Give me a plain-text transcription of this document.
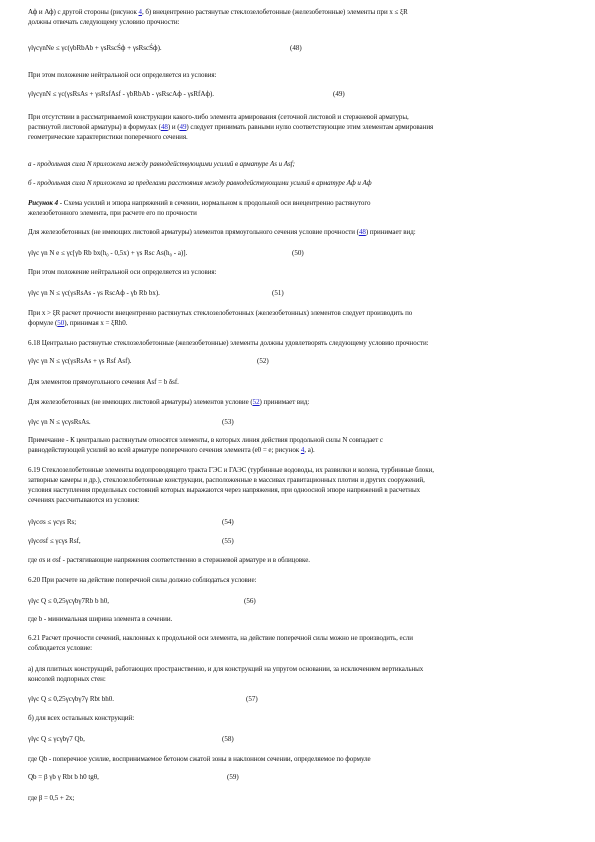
Аф и Аф) с другой стороны (рисунок 4, б) внецентренно растянутые стеклозелобетонные (железобетонные) элементы при х ≤ ξR
должны отвечать следующему условию прочности:
γlγcγnNe ≤ γc(γbRbAb + γsRscŚф + γsRsсŚф).	(48)
При этом положение нейтральной оси определяется из условия:
γlγcγnN ≤ γc(γsRsAs + γsRsfAsf - γbRbAb - γsRscAф - γsRfAф).	(49)
При отсутствии в рассматриваемой конструкции какого-либо элемента армирования (сеточной листовой и стержневой арматуры,
растянутой листовой арматуры) в формулах (48) и (49) следует принимать равными нулю соответствующие этим элементам армирования
геометрические характеристики поперечного сечения.
а - продольная сила N приложена между равнодействующими усилий в арматуре Аs и Аsf;
б - продольная сила N приложена за пределами расстояния между равнодействующими усилий в арматуре Аф и Аф
Рисунок 4 - Схема усилий и эпюра напряжений в сечении, нормальном к продольной оси внецентренно растянутого
железобетонного элемента, при расчете его по прочности
Для железобетонных (не имеющих листовой арматуры) элементов прямоугольного сечения условие прочности (48) принимает вид:
γlγc γn N e ≤ γc[γb Rb bx(h₀ - 0,5x) + γs Rsc As(h₀ - a)].	(50)
При этом положение нейтральной оси определяется из условия:
γlγc γn N ≤ γc(γsRsAs - γs RscAф - γb Rb bx).	(51)
При x > ξR расчет прочности внецентренно растянутых стеклозелобетонных (железобетонных) элементов следует производить по
формуле (50), принимая x = ξRh0.
6.18 Центрально растянутые стеклозелобетонные (железобетонные) элементы должны удовлетворять следующему условию прочности:
γlγc γn N ≤ γc(γsRsAs + γs Rsf Asf).	(52)
Для элементов прямоугольного сечения Asf = b δsf.
Для железобетонных (не имеющих листовой арматуры) элементов условие (52) принимает вид:
γlγc γn N ≤ γcγsRsAs.	(53)
Примечание - К центрально растянутым относятся элементы, в которых линия действия продольной силы N совпадает с
равнодействующей усилий во всей арматуре поперечного сечения элемента (е0 = е; рисунок 4, а).
6.19 Стеклозелобетонные элементы водопроводящего тракта ГЭС и ГАЭС (турбинные водоводы, их развилки и колена, турбинные блоки,
затворные камеры и др.), стеклозелобетонные конструкции, расположенные в массивах гравитационных плотин и других сооружений,
условия наступления предельных состояний которых выражаются через напряжения, при одноосной эпюре напряжений в расчетных
сечениях рассчитываются из условия:
γlγcσs ≤ γcγs Rs;	(54)
γlγcσsf ≤ γcγs Rsf,	(55)
где σs и σsf - растягивающие напряжения соответственно в стержневой арматуре и в облицовке.
6.20 При расчете на действие поперечной силы должно соблюдаться условие:
γlγc Q ≤ 0,25γcγbγ7Rb b h0,	(56)
где b - минимальная ширина элемента в сечении.
6.21 Расчет прочности сечений, наклонных к продольной оси элемента, на действие поперечной силы можно не производить, если
соблюдается условие:
а) для плитных конструкций, работающих пространственно, и для конструкций на упругом основании, за исключением вертикальных
консолей подпорных стен:
γlγc Q ≤ 0,25γcγbγ7γ Rbt bh0.	(57)
б) для всех остальных конструкций:
γlγc Q ≤ γcγbγ7 Qb,	(58)
где Qb - поперечное усилие, воспринимаемое бетоном сжатой зоны в наклонном сечении, определяемое по формуле
Qb = β γb γ Rbt b h0 tgθ,	(59)
где β = 0,5 + 2x;
